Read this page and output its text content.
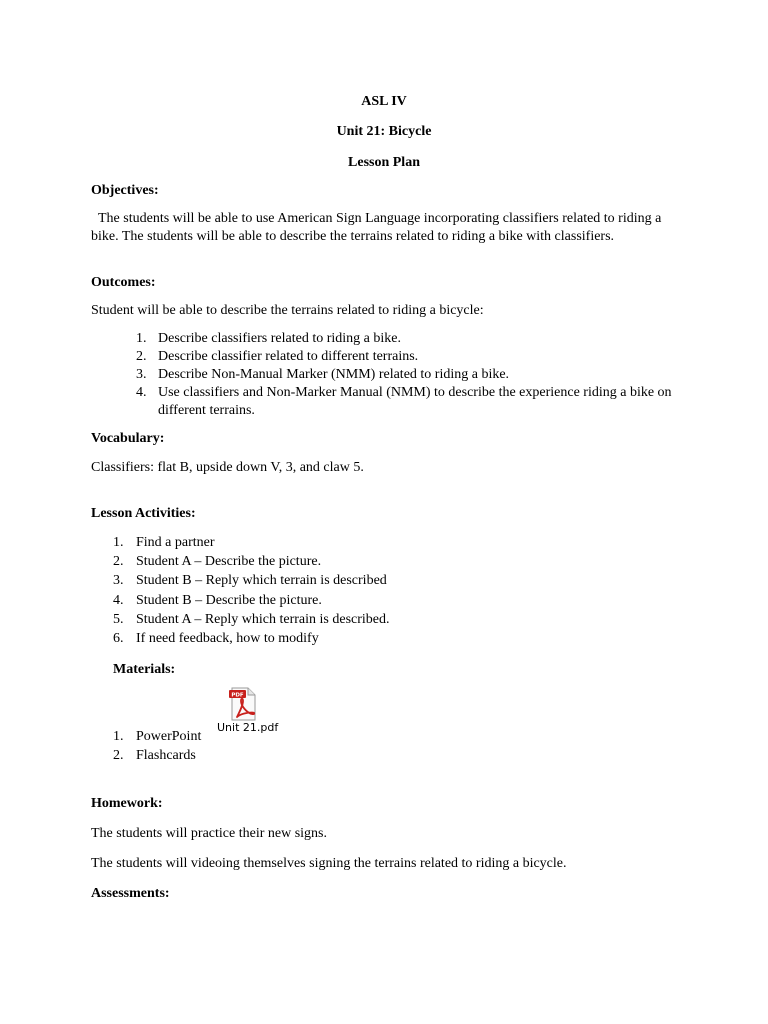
ASL IV
Unit 21: Bicycle
Lesson Plan
Objectives:
The students will be able to use American Sign Language incorporating classifiers related to riding a bike. The students will be able to describe the terrains related to riding a bike with classifiers.
Outcomes:
Student will be able to describe the terrains related to riding a bicycle:
1. Describe classifiers related to riding a bike.
2. Describe classifier related to different terrains.
3. Describe Non-Manual Marker (NMM) related to riding a bike.
4. Use classifiers and Non-Marker Manual (NMM) to describe the experience riding a bike on different terrains.
Vocabulary:
Classifiers: flat B, upside down V, 3, and claw 5.
Lesson Activities:
1. Find a partner
2. Student A – Describe the picture.
3. Student B – Reply which terrain is described
4. Student B – Describe the picture.
5. Student A – Reply which terrain is described.
6. If need feedback, how to modify
Materials:
PDF
Unit 21.pdf
1. PowerPoint
2. Flashcards
Homework:
The students will practice their new signs.
The students will videoing themselves signing the terrains related to riding a bicycle.
Assessments:
